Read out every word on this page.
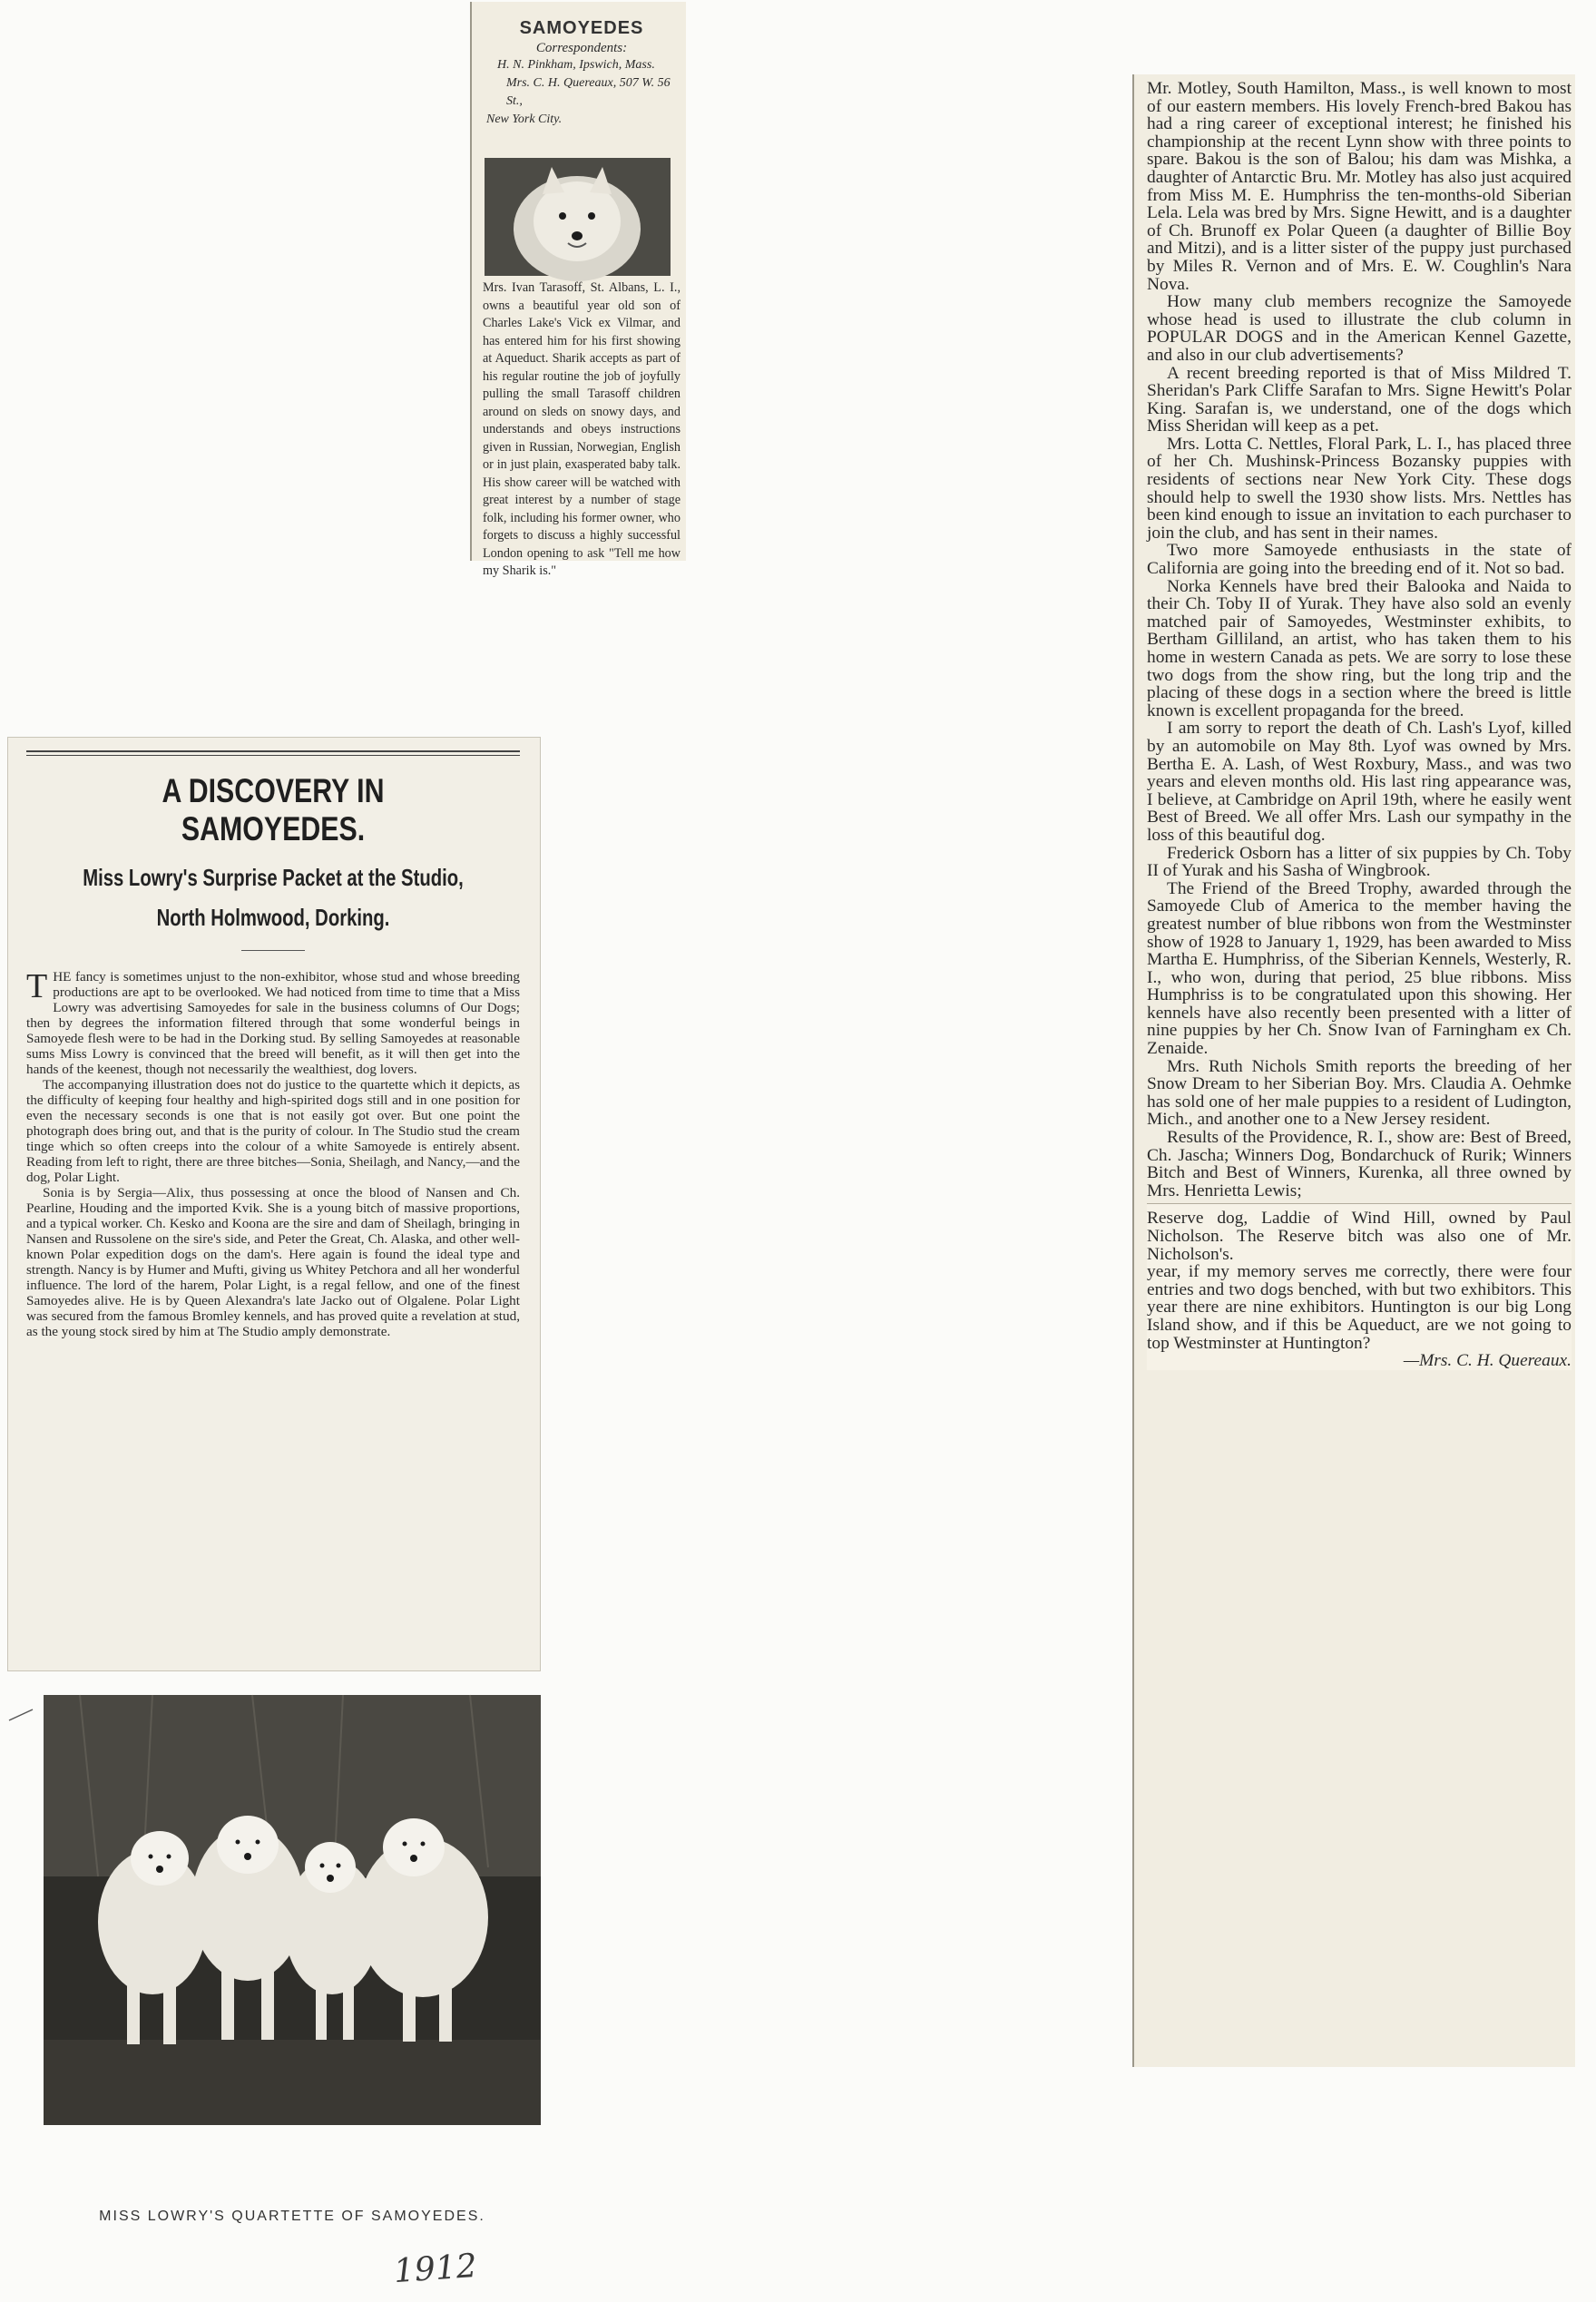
SAMOYEDES
Correspondents:
H. N. Pinkham, Ipswich, Mass.
Mrs. C. H. Quereaux, 507 W. 56 St.,
New York City.
Mrs. Ivan Tarasoff, St. Albans, L. I., owns a beautiful year old son of Charles Lake's Vick ex Vilmar, and has entered him for his first showing at Aqueduct. Sharik accepts as part of his regular routine the job of joyfully pulling the small Tarasoff children around on sleds on snowy days, and understands and obeys instructions given in Russian, Norwegian, English or in just plain, exasperated baby talk. His show career will be watched with great interest by a number of stage folk, including his former owner, who forgets to discuss a highly successful London opening to ask "Tell me how my Sharik is."
A DISCOVERY IN SAMOYEDES.
Miss Lowry's Surprise Packet at the Studio,
North Holmwood, Dorking.

THE fancy is sometimes unjust to the non-exhibitor, whose stud and whose breeding productions are apt to be overlooked. We had noticed from time to time that a Miss Lowry was advertising Samoyedes for sale in the business columns of Our Dogs; then by degrees the information filtered through that some wonderful beings in Samoyede flesh were to be had in the Dorking stud. By selling Samoyedes at reasonable sums Miss Lowry is convinced that the breed will benefit, as it will then get into the hands of the keenest, though not necessarily the wealthiest, dog lovers.

The accompanying illustration does not do justice to the quartette which it depicts, as the difficulty of keeping four healthy and high-spirited dogs still and in one position for even the necessary seconds is one that is not easily got over. But one point the photograph does bring out, and that is the purity of colour. In The Studio stud the cream tinge which so often creeps into the colour of a white Samoyede is entirely absent. Reading from left to right, there are three bitches—Sonia, Sheilagh, and Nancy,—and the dog, Polar Light.

Sonia is by Sergia—Alix, thus possessing at once the blood of Nansen and Ch. Pearline, Houding and the imported Kvik. She is a young bitch of massive proportions, and a typical worker. Ch. Kesko and Koona are the sire and dam of Sheilagh, bringing in Nansen and Russolene on the sire's side, and Peter the Great, Ch. Alaska, and other well-known Polar expedition dogs on the dam's. Here again is found the ideal type and strength. Nancy is by Humer and Mufti, giving us Whitey Petchora and all her wonderful influence. The lord of the harem, Polar Light, is a regal fellow, and one of the finest Samoyedes alive. He is by Queen Alexandra's late Jacko out of Olgalene. Polar Light was secured from the famous Bromley kennels, and has proved quite a revelation at stud, as the young stock sired by him at The Studio amply demonstrate.

MISS LOWRY'S QUARTETTE OF SAMOYEDES.
1912

Mr. Motley, South Hamilton, Mass., is well known to most of our eastern members. His lovely French-bred Bakou has had a ring career of exceptional interest; he finished his championship at the recent Lynn show with three points to spare. Bakou is the son of Balou; his dam was Mishka, a daughter of Antarctic Bru. Mr. Motley has also just acquired from Miss M. E. Humphriss the ten-months-old Siberian Lela. Lela was bred by Mrs. Signe Hewitt, and is a daughter of Ch. Brunoff ex Polar Queen (a daughter of Billie Boy and Mitzi), and is a litter sister of the puppy just purchased by Miles R. Vernon and of Mrs. E. W. Coughlin's Nara Nova.

How many club members recognize the Samoyede whose head is used to illustrate the club column in POPULAR DOGS and in the American Kennel Gazette, and also in our club advertisements?

A recent breeding reported is that of Miss Mildred T. Sheridan's Park Cliffe Sarafan to Mrs. Signe Hewitt's Polar King. Sarafan is, we understand, one of the dogs which Miss Sheridan will keep as a pet.

Mrs. Lotta C. Nettles, Floral Park, L. I., has placed three of her Ch. Mushinsk-Princess Bozansky puppies with residents of sections near New York City. These dogs should help to swell the 1930 show lists. Mrs. Nettles has been kind enough to issue an invitation to each purchaser to join the club, and has sent in their names.

Two more Samoyede enthusiasts in the state of California are going into the breeding end of it. Not so bad.

Norka Kennels have bred their Balooka and Naida to their Ch. Toby II of Yurak. They have also sold an evenly matched pair of Samoyedes, Westminster exhibits, to Bertham Gilliland, an artist, who has taken them to his home in western Canada as pets. We are sorry to lose these two dogs from the show ring, but the long trip and the placing of these dogs in a section where the breed is little known is excellent propaganda for the breed.

I am sorry to report the death of Ch. Lash's Lyof, killed by an automobile on May 8th. Lyof was owned by Mrs. Bertha E. A. Lash, of West Roxbury, Mass., and was two years and eleven months old. His last ring appearance was, I believe, at Cambridge on April 19th, where he easily went Best of Breed. We all offer Mrs. Lash our sympathy in the loss of this beautiful dog.

Frederick Osborn has a litter of six puppies by Ch. Toby II of Yurak and his Sasha of Wingbrook.

The Friend of the Breed Trophy, awarded through the Samoyede Club of America to the member having the greatest number of blue ribbons won from the Westminster show of 1928 to January 1, 1929, has been awarded to Miss Martha E. Humphriss, of the Siberian Kennels, Westerly, R. I., who won, during that period, 25 blue ribbons. Miss Humphriss is to be congratulated upon this showing. Her kennels have also recently been presented with a litter of nine puppies by her Ch. Snow Ivan of Farningham ex Ch. Zenaide.

Mrs. Ruth Nichols Smith reports the breeding of her Snow Dream to her Siberian Boy. Mrs. Claudia A. Oehmke has sold one of her male puppies to a resident of Ludington, Mich., and another one to a New Jersey resident.

Results of the Providence, R. I., show are: Best of Breed, Ch. Jascha; Winners Dog, Bondarchuck of Rurik; Winners Bitch and Best of Winners, Kurenka, all three owned by Mrs. Henrietta Lewis;

Reserve dog, Laddie of Wind Hill, owned by Paul Nicholson. The Reserve bitch was also one of Mr. Nicholson's.

year, if my memory serves me correctly, there were four entries and two dogs benched, with but two exhibitors. This year there are nine exhibitors. Huntington is our big Long Island show, and if this be Aqueduct, are we not going to top Westminster at Huntington?

—Mrs. C. H. Quereaux.
